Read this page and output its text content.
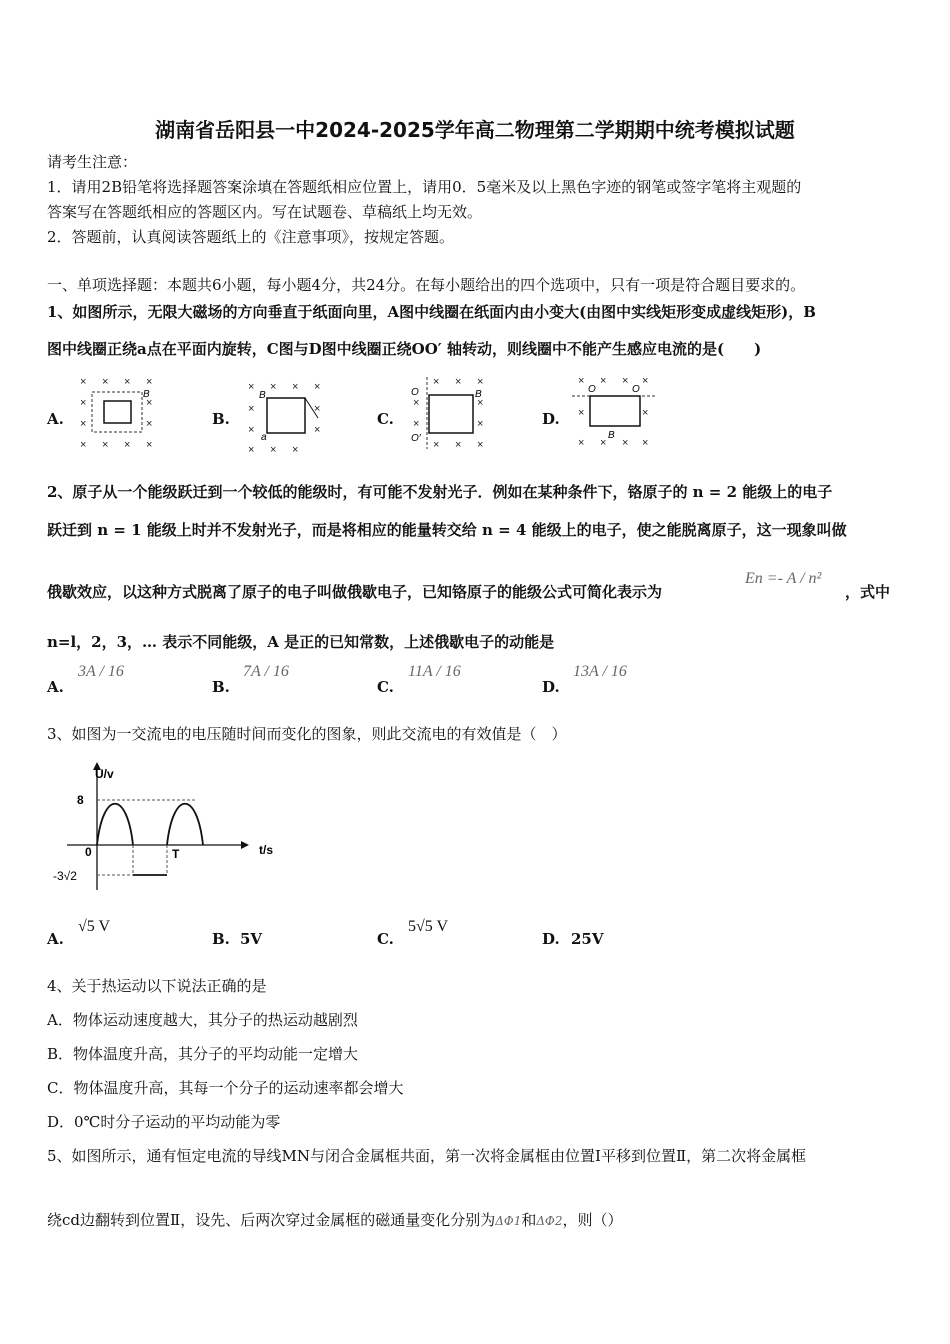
湖南省岳阳县一中2024-2025学年高二物理第二学期期中统考模拟试题
请考生注意：
1．请用2B铅笔将选择题答案涂填在答题纸相应位置上，请用0．5毫米及以上黑色字迹的钢笔或签字笔将主观题的
答案写在答题纸相应的答题区内。写在试题卷、草稿纸上均无效。
2．答题前，认真阅读答题纸上的《注意事项》，按规定答题。
一、单项选择题：本题共6小题，每小题4分，共24分。在每小题给出的四个选项中，只有一项是符合题目要求的。
1、如图所示，无限大磁场的方向垂直于纸面向里，A图中线圈在纸面内由小变大(由图中实线矩形变成虚线矩形)，B
图中线圈正绕a点在平面内旋转，C图与D图中线圈正绕OO′ 轴转动，则线圈中不能产生感应电流的是(　　)
A.
× × × ×
×	×
×	×
× × × ×
B
B.
× × × ×
×	×
×	×
× × ×
B
a
C.
× × ×
×	×
×	×
× × ×
O
O′
B
D.
× × × ×
×	×
× × × ×
O	O
B
2、原子从一个能级跃迁到一个较低的能级时，有可能不发射光子．例如在某种条件下，铬原子的 n = 2 能级上的电子
跃迁到 n = 1 能级上时并不发射光子，而是将相应的能量转交给 n = 4 能级上的电子，使之能脱离原子，这一现象叫做
俄歇效应，以这种方式脱离了原子的电子叫做俄歇电子，已知铬原子的能级公式可简化表示为
En =- A / n²
，式中
n=l，2，3，… 表示不同能级，A 是正的已知常数，上述俄歇电子的动能是
A.
3A / 16
B.
7A / 16
C.
11A / 16
D.
13A / 16
3、如图为一交流电的电压随时间而变化的图象，则此交流电的有效值是（　）
U/v
t/s
8
0	T
-3√2
A.
√5 V
B. 5V	C.
5√5 V
D. 25V
4、关于热运动以下说法正确的是
A．物体运动速度越大，其分子的热运动越剧烈
B．物体温度升高，其分子的平均动能一定增大
C．物体温度升高，其每一个分子的运动速率都会增大
D．0℃时分子运动的平均动能为零
5、如图所示，通有恒定电流的导线MN与闭合金属框共面，第一次将金属框由位置Ⅰ平移到位置Ⅱ，第二次将金属框
绕cd边翻转到位置Ⅱ，设先、后两次穿过金属框的磁通量变化分别为ΔΦ1和ΔΦ2，则（）
